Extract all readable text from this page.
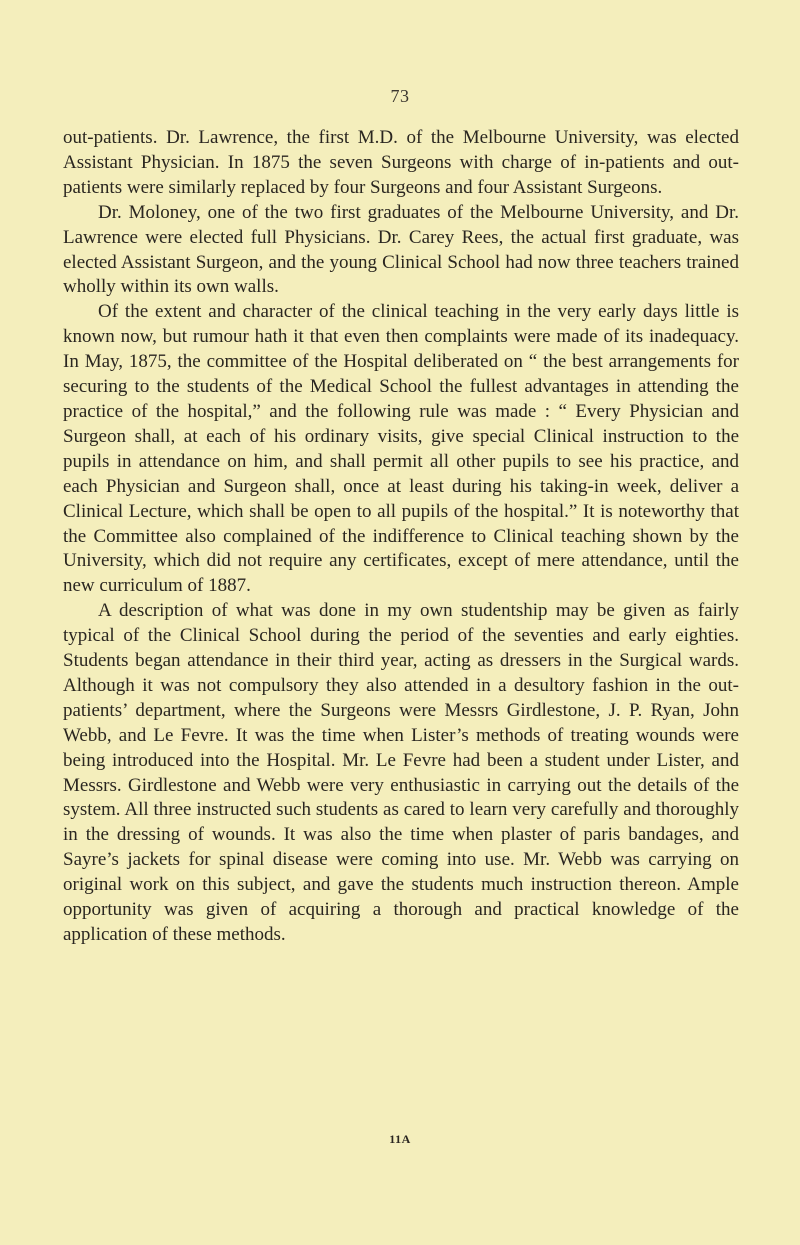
73

out-patients. Dr. Lawrence, the first M.D. of the Melbourne University, was elected Assistant Physician. In 1875 the seven Surgeons with charge of in-patients and out-patients were similarly replaced by four Surgeons and four Assistant Surgeons.

Dr. Moloney, one of the two first graduates of the Melbourne University, and Dr. Lawrence were elected full Physicians. Dr. Carey Rees, the actual first graduate, was elected Assistant Surgeon, and the young Clinical School had now three teachers trained wholly within its own walls.

Of the extent and character of the clinical teaching in the very early days little is known now, but rumour hath it that even then complaints were made of its inadequacy. In May, 1875, the committee of the Hospital deliberated on “ the best arrangements for securing to the students of the Medical School the fullest advantages in attending the practice of the hospital,” and the following rule was made : “ Every Physician and Surgeon shall, at each of his ordinary visits, give special Clinical instruction to the pupils in attendance on him, and shall permit all other pupils to see his practice, and each Physician and Surgeon shall, once at least during his taking-in week, deliver a Clinical Lecture, which shall be open to all pupils of the hospital.” It is noteworthy that the Committee also complained of the indifference to Clinical teaching shown by the University, which did not require any certificates, except of mere attendance, until the new curriculum of 1887.

A description of what was done in my own studentship may be given as fairly typical of the Clinical School during the period of the seventies and early eighties. Students began attendance in their third year, acting as dressers in the Surgical wards. Although it was not compulsory they also attended in a desultory fashion in the out-patients’ department, where the Surgeons were Messrs Girdlestone, J. P. Ryan, John Webb, and Le Fevre. It was the time when Lister’s methods of treating wounds were being introduced into the Hospital. Mr. Le Fevre had been a student under Lister, and Messrs. Girdlestone and Webb were very enthusiastic in carrying out the details of the system. All three instructed such students as cared to learn very carefully and thoroughly in the dressing of wounds. It was also the time when plaster of paris bandages, and Sayre’s jackets for spinal disease were coming into use. Mr. Webb was carrying on original work on this subject, and gave the students much instruction thereon. Ample opportunity was given of acquiring a thorough and practical knowledge of the application of these methods.

11A
